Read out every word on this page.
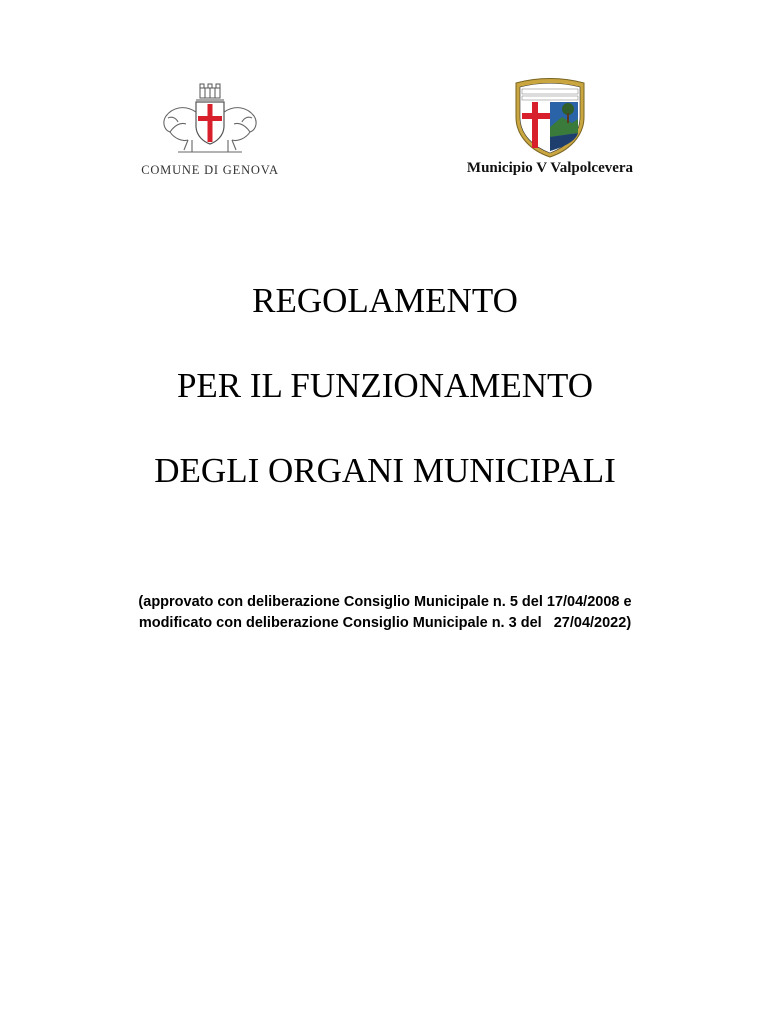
COMUNE DI GENOVA	Municipio V Valpolcevera
REGOLAMENTO
PER IL FUNZIONAMENTO
DEGLI ORGANI MUNICIPALI
(approvato con deliberazione Consiglio Municipale n. 5 del 17/04/2008 e
modificato con deliberazione Consiglio Municipale n. 3 del   27/04/2022)
